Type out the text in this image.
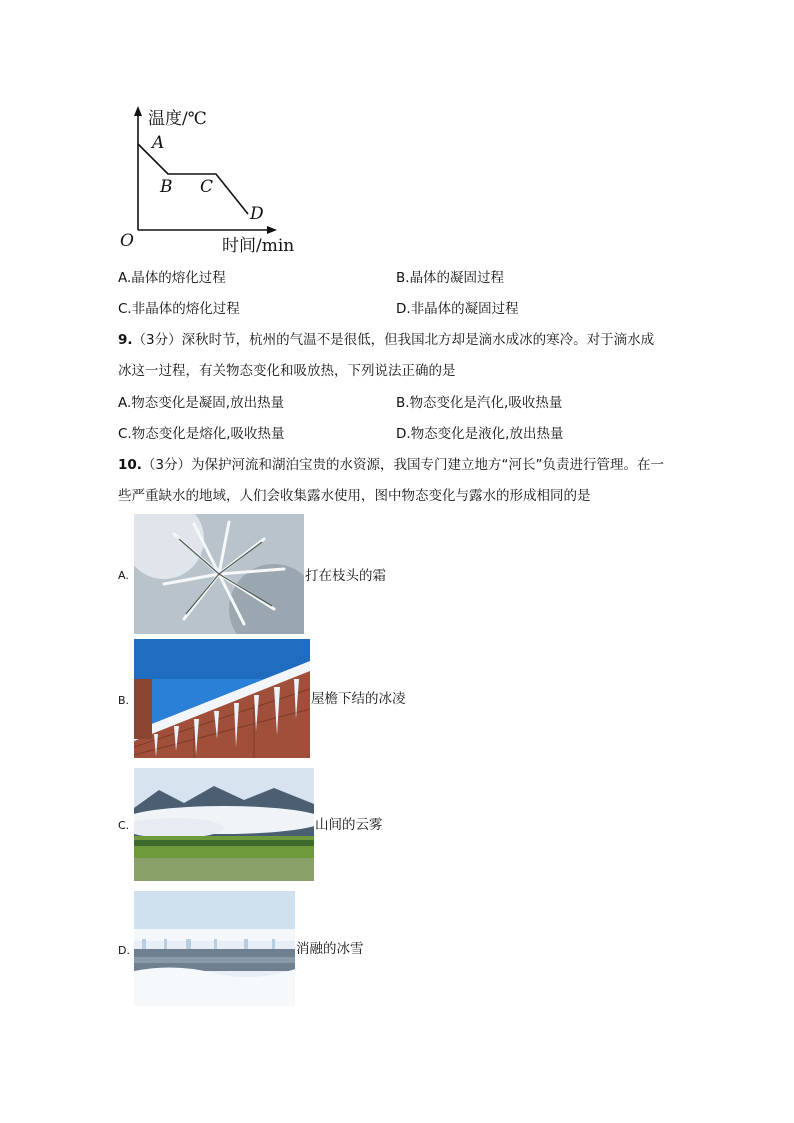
温度/℃
时间/min
O
A
B C
D
A.晶体的熔化过程	B.晶体的凝固过程
C.非晶体的熔化过程	D.非晶体的凝固过程
9.（3分）深秋时节，杭州的气温不是很低，但我国北方却是滴水成冰的寒冷。对于滴水成
冰这一过程，有关物态变化和吸放热，下列说法正确的是
A.物态变化是凝固,放出热量	B.物态变化是汽化,吸收热量
C.物态变化是熔化,吸收热量	D.物态变化是液化,放出热量
10.（3分）为保护河流和湖泊宝贵的水资源，我国专门建立地方“河长”负责进行管理。在一
些严重缺水的地域，人们会收集露水使用，图中物态变化与露水的形成相同的是
A.	打在枝头的霜
B.	屋檐下结的冰凌
C.	山间的云雾
D.	消融的冰雪
